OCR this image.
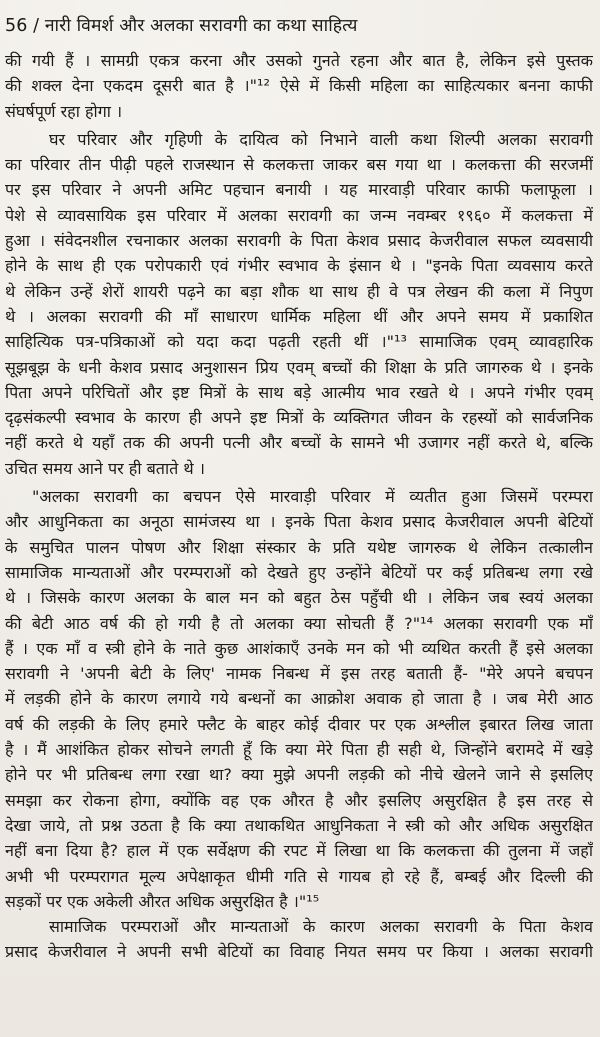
56 / नारी विमर्श और अलका सरावगी का कथा साहित्य
की गयी हैं । सामग्री एकत्र करना और उसको गुनते रहना और बात है, लेकिन इसे पुस्तक
की शक्ल देना एकदम दूसरी बात है ।"¹² ऐसे में किसी महिला का साहित्यकार बनना काफी
संघर्षपूर्ण रहा होगा ।
घर परिवार और गृहिणी के दायित्व को निभाने वाली कथा शिल्पी अलका सरावगी
का परिवार तीन पीढ़ी पहले राजस्थान से कलकत्ता जाकर बस गया था । कलकत्ता की सरजमीं
पर इस परिवार ने अपनी अमिट पहचान बनायी । यह मारवाड़ी परिवार काफी फलाफूला ।
पेशे से व्यावसायिक इस परिवार में अलका सरावगी का जन्म नवम्बर १९६० में कलकत्ता में
हुआ । संवेदनशील रचनाकार अलका सरावगी के पिता केशव प्रसाद केजरीवाल सफल व्यवसायी
होने के साथ ही एक परोपकारी एवं गंभीर स्वभाव के इंसान थे । "इनके पिता व्यवसाय करते
थे लेकिन उन्हें शेरों शायरी पढ़ने का बड़ा शौक था साथ ही वे पत्र लेखन की कला में निपुण
थे । अलका सरावगी की माँ साधारण धार्मिक महिला थीं और अपने समय में प्रकाशित
साहित्यिक पत्र-पत्रिकाओं को यदा कदा पढ़ती रहती थीं ।"¹³ सामाजिक एवम् व्यावहारिक
सूझबूझ के धनी केशव प्रसाद अनुशासन प्रिय एवम् बच्चों की शिक्षा के प्रति जागरुक थे । इनके
पिता अपने परिचितों और इष्ट मित्रों के साथ बड़े आत्मीय भाव रखते थे । अपने गंभीर एवम्
दृढ़संकल्पी स्वभाव के कारण ही अपने इष्ट मित्रों के व्यक्तिगत जीवन के रहस्यों को सार्वजनिक
नहीं करते थे यहाँ तक की अपनी पत्नी और बच्चों के सामने भी उजागर नहीं करते थे, बल्कि
उचित समय आने पर ही बताते थे ।
"अलका सरावगी का बचपन ऐसे मारवाड़ी परिवार में व्यतीत हुआ जिसमें परम्परा
और आधुनिकता का अनूठा सामंजस्य था । इनके पिता केशव प्रसाद केजरीवाल अपनी बेटियों
के समुचित पालन पोषण और शिक्षा संस्कार के प्रति यथेष्ट जागरुक थे लेकिन तत्कालीन
सामाजिक मान्यताओं और परम्पराओं को देखते हुए उन्होंने बेटियों पर कई प्रतिबन्ध लगा रखे
थे । जिसके कारण अलका के बाल मन को बहुत ठेस पहुँची थी । लेकिन जब स्वयं अलका
की बेटी आठ वर्ष की हो गयी है तो अलका क्या सोचती हैं ?"¹⁴ अलका सरावगी एक माँ
हैं । एक माँ व स्त्री होने के नाते कुछ आशंकाएँ उनके मन को भी व्यथित करती हैं इसे अलका
सरावगी ने 'अपनी बेटी के लिए' नामक निबन्ध में इस तरह बताती हैं- "मेरे अपने बचपन
में लड़की होने के कारण लगाये गये बन्धनों का आक्रोश अवाक हो जाता है । जब मेरी आठ
वर्ष की लड़की के लिए हमारे फ्लैट के बाहर कोई दीवार पर एक अश्लील इबारत लिख जाता
है । मैं आशंकित होकर सोचने लगती हूँ कि क्या मेरे पिता ही सही थे, जिन्होंने बरामदे में खड़े
होने पर भी प्रतिबन्ध लगा रखा था? क्या मुझे अपनी लड़की को नीचे खेलने जाने से इसलिए
समझा कर रोकना होगा, क्योंकि वह एक औरत है और इसलिए असुरक्षित है इस तरह से
देखा जाये, तो प्रश्न उठता है कि क्या तथाकथित आधुनिकता ने स्त्री को और अधिक असुरक्षित
नहीं बना दिया है? हाल में एक सर्वेक्षण की रपट में लिखा था कि कलकत्ता की तुलना में जहाँ
अभी भी परम्परागत मूल्य अपेक्षाकृत धीमी गति से गायब हो रहे हैं, बम्बई और दिल्ली की
सड़कों पर एक अकेली औरत अधिक असुरक्षित है ।"¹⁵
सामाजिक परम्पराओं और मान्यताओं के कारण अलका सरावगी के पिता केशव
प्रसाद केजरीवाल ने अपनी सभी बेटियों का विवाह नियत समय पर किया । अलका सरावगी
